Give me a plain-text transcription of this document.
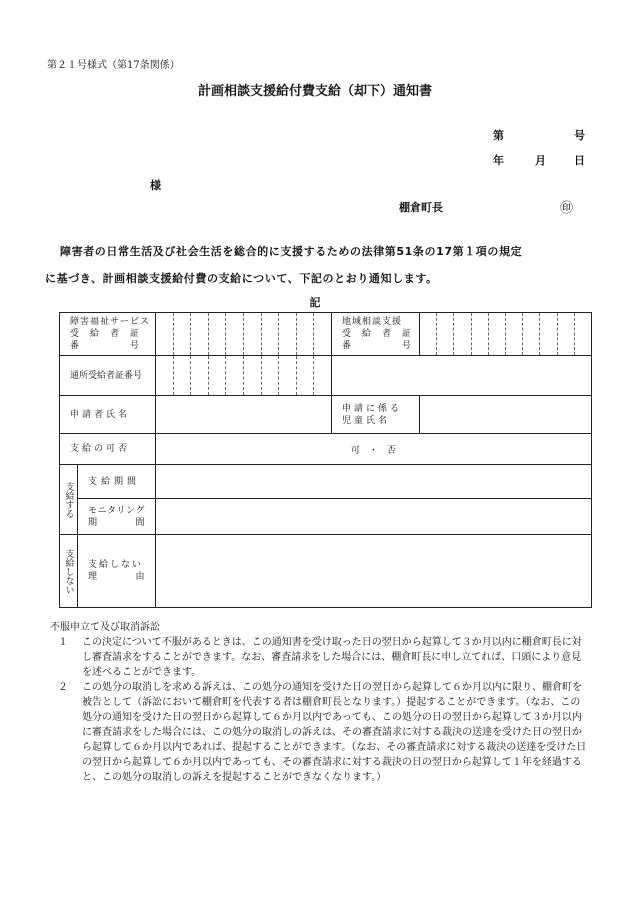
第２１号様式（第17条関係）
計画相談支援給付費支給（却下）通知書
第	号
年	月	日
様
棚倉町長	㊞
障害者の日常生活及び社会生活を総合的に支援するための法律第51条の17第１項の規定
に基づき、計画相談支援給付費の支給について、下記のとおり通知します。
記
障害福祉サービス
受　給　者　証
番　　　　　号			地域相談支援
受　給　者　証
番　　　　　号	

通所受給者証番号				

申請者氏名			申請に係る
児童氏名	

支給の可否		可　・　否		

支給する	支給期間			

	モニタリング
期　　　　間			

支給しない	支給しない
理　　　　由			

不服申立て及び取消訴訟
１	この決定について不服があるときは、この通知書を受け取った日の翌日から起算して３か月以内に棚倉町長に対し審査請求をすることができます。なお、審査請求をした場合には、棚倉町長に申し立てれば、口頭により意見を述べることができます。
２	この処分の取消しを求める訴えは、この処分の通知を受けた日の翌日から起算して６か月以内に限り、棚倉町を被告として（訴訟において棚倉町を代表する者は棚倉町長となります。）提起することができます。（なお、この処分の通知を受けた日の翌日から起算して６か月以内であっても、この処分の日の翌日から起算して３か月以内に審査請求をした場合には、この処分の取消しの訴えは、その審査請求に対する裁決の送達を受けた日の翌日から起算して６か月以内であれば、提起することができます。（なお、その審査請求に対する裁決の送達を受けた日の翌日から起算して６か月以内であっても、その審査請求に対する裁決の日の翌日から起算して１年を経過すると、この処分の取消しの訴えを提起することができなくなります。）
